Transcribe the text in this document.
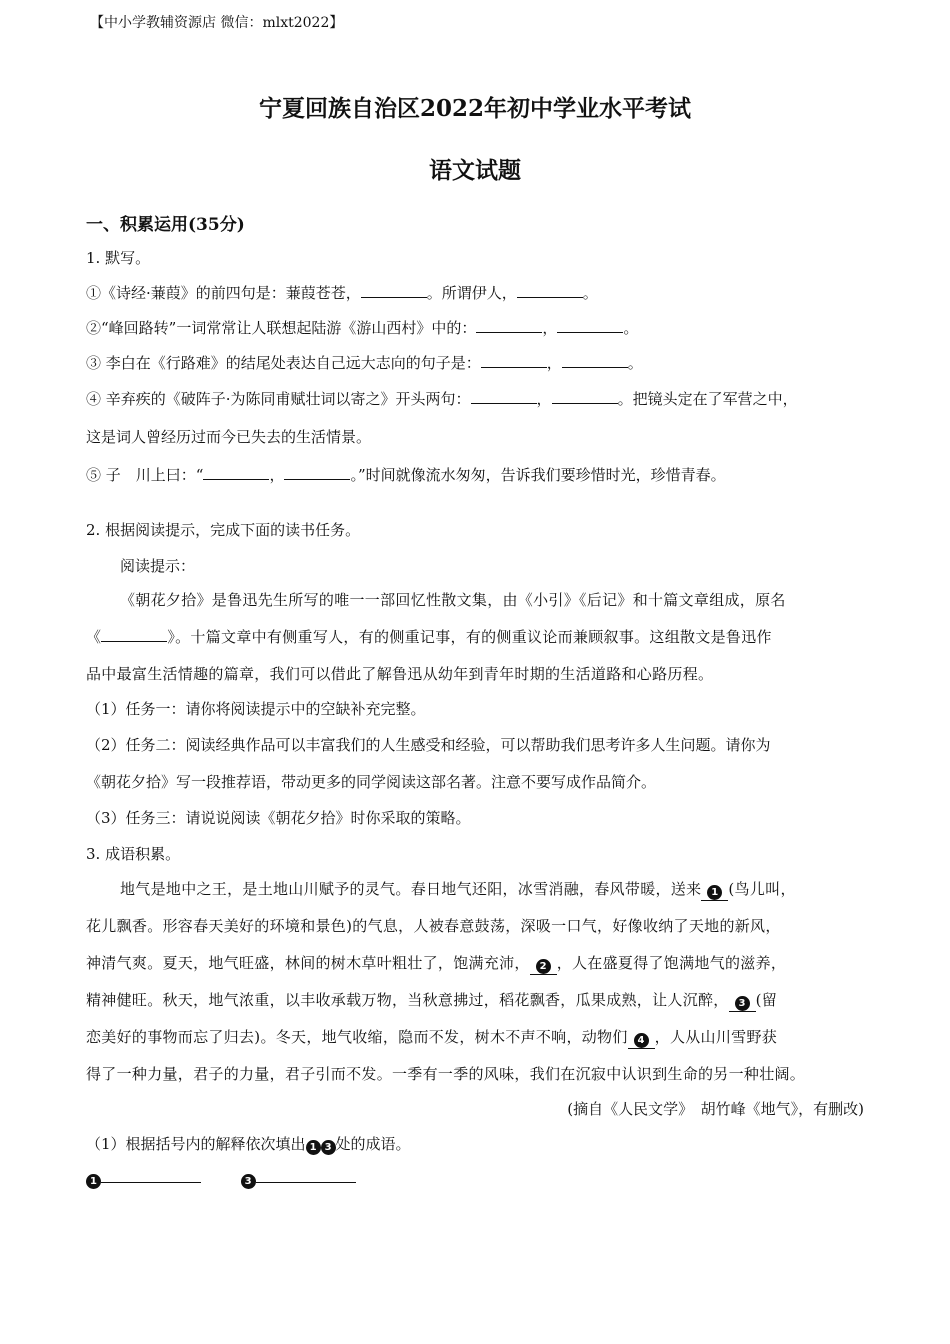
【中小学教辅资源店 微信：mlxt2022】
宁夏回族自治区2022年初中学业水平考试
语文试题
一、积累运用(35分)
1. 默写。
①《诗经·蒹葭》的前四句是：蒹葭苍苍，	。所谓伊人，	。
②“峰回路转”一词常常让人联想起陆游《游山西村》中的：	，	。
③ 李白在《行路难》的结尾处表达自己远大志向的句子是：	，	。
④ 辛弃疾的《破阵子·为陈同甫赋壮词以寄之》开头两句：	，	。把镜头定在了军营之中，
这是词人曾经历过而今已失去的生活情景。
⑤ 子　川上曰：“	，	。”时间就像流水匆匆，告诉我们要珍惜时光，珍惜青春。
2. 根据阅读提示，完成下面的读书任务。
阅读提示：
《朝花夕拾》是鲁迅先生所写的唯一一部回忆性散文集，由《小引》《后记》和十篇文章组成，原名
《	》。十篇文章中有侧重写人，有的侧重记事，有的侧重议论而兼顾叙事。这组散文是鲁迅作
品中最富生活情趣的篇章，我们可以借此了解鲁迅从幼年到青年时期的生活道路和心路历程。
（1）任务一：请你将阅读提示中的空缺补充完整。
（2）任务二：阅读经典作品可以丰富我们的人生感受和经验，可以帮助我们思考许多人生问题。请你为
《朝花夕拾》写一段推荐语，带动更多的同学阅读这部名著。注意不要写成作品简介。
（3）任务三：请说说阅读《朝花夕拾》时你采取的策略。
3. 成语积累。
地气是地中之王，是土地山川赋予的灵气。春日地气还阳，冰雪消融，春风带暖，送来 1 (鸟儿叫，
花儿飘香。形容春天美好的环境和景色)的气息，人被春意鼓荡，深吸一口气，好像收纳了天地的新风，
神清气爽。夏天，地气旺盛，林间的树木草叶粗壮了，饱满充沛， 2 ，人在盛夏得了饱满地气的滋养，
精神健旺。秋天，地气浓重，以丰收承载万物，当秋意拂过，稻花飘香，瓜果成熟，让人沉醉， 3 (留
恋美好的事物而忘了归去)。冬天，地气收缩，隐而不发，树木不声不响，动物们 4 ，人从山川雪野获
得了一种力量，君子的力量，君子引而不发。一季有一季的风味，我们在沉寂中认识到生命的另一种壮阔。
(摘自《人民文学》　胡竹峰《地气》，有删改)
（1）根据括号内的解释依次填出 1 3 处的成语。
1	3
